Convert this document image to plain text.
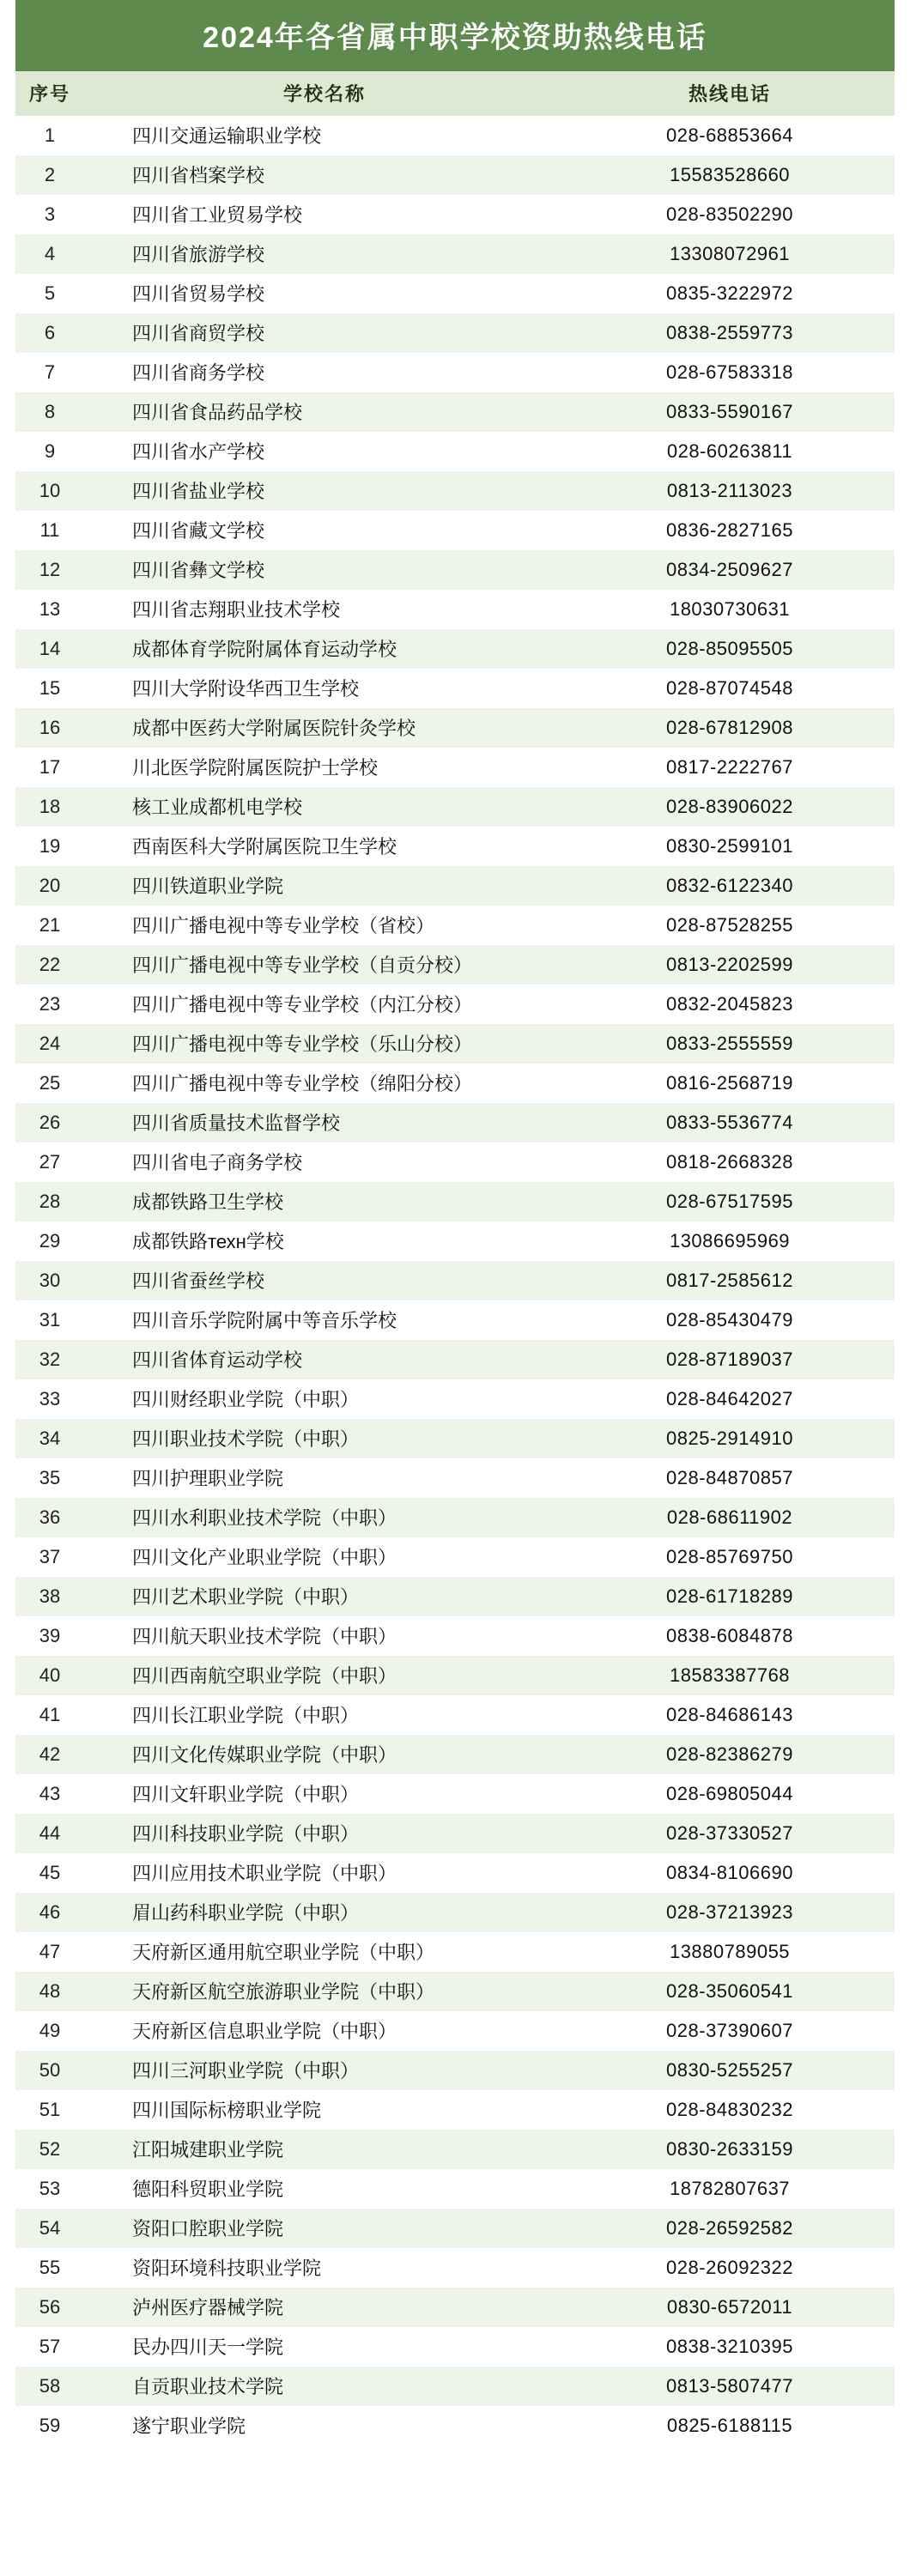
2024年各省属中职学校资助热线电话
序号	学校名称	热线电话
1	四川交通运输职业学校	028-68853664
2	四川省档案学校	15583528660
3	四川省工业贸易学校	028-83502290
4	四川省旅游学校	13308072961
5	四川省贸易学校	0835-3222972
6	四川省商贸学校	0838-2559773
7	四川省商务学校	028-67583318
8	四川省食品药品学校	0833-5590167
9	四川省水产学校	028-60263811
10	四川省盐业学校	0813-2113023
11	四川省藏文学校	0836-2827165
12	四川省彝文学校	0834-2509627
13	四川省志翔职业技术学校	18030730631
14	成都体育学院附属体育运动学校	028-85095505
15	四川大学附设华西卫生学校	028-87074548
16	成都中医药大学附属医院针灸学校	028-67812908
17	川北医学院附属医院护士学校	0817-2222767
18	核工业成都机电学校	028-83906022
19	西南医科大学附属医院卫生学校	0830-2599101
20	四川铁道职业学院	0832-6122340
21	四川广播电视中等专业学校（省校）	028-87528255
22	四川广播电视中等专业学校（自贡分校）	0813-2202599
23	四川广播电视中等专业学校（内江分校）	0832-2045823
24	四川广播电视中等专业学校（乐山分校）	0833-2555559
25	四川广播电视中等专业学校（绵阳分校）	0816-2568719
26	四川省质量技术监督学校	0833-5536774
27	四川省电子商务学校	0818-2668328
28	成都铁路卫生学校	028-67517595
29	成都铁路техн学校	13086695969
30	四川省蚕丝学校	0817-2585612
31	四川音乐学院附属中等音乐学校	028-85430479
32	四川省体育运动学校	028-87189037
33	四川财经职业学院（中职）	028-84642027
34	四川职业技术学院（中职）	0825-2914910
35	四川护理职业学院	028-84870857
36	四川水利职业技术学院（中职）	028-68611902
37	四川文化产业职业学院（中职）	028-85769750
38	四川艺术职业学院（中职）	028-61718289
39	四川航天职业技术学院（中职）	0838-6084878
40	四川西南航空职业学院（中职）	18583387768
41	四川长江职业学院（中职）	028-84686143
42	四川文化传媒职业学院（中职）	028-82386279
43	四川文轩职业学院（中职）	028-69805044
44	四川科技职业学院（中职）	028-37330527
45	四川应用技术职业学院（中职）	0834-8106690
46	眉山药科职业学院（中职）	028-37213923
47	天府新区通用航空职业学院（中职）	13880789055
48	天府新区航空旅游职业学院（中职）	028-35060541
49	天府新区信息职业学院（中职）	028-37390607
50	四川三河职业学院（中职）	0830-5255257
51	四川国际标榜职业学院	028-84830232
52	江阳城建职业学院	0830-2633159
53	德阳科贸职业学院	18782807637
54	资阳口腔职业学院	028-26592582
55	资阳环境科技职业学院	028-26092322
56	泸州医疗器械学院	0830-6572011
57	民办四川天一学院	0838-3210395
58	自贡职业技术学院	0813-5807477
59	遂宁职业学院	0825-6188115
